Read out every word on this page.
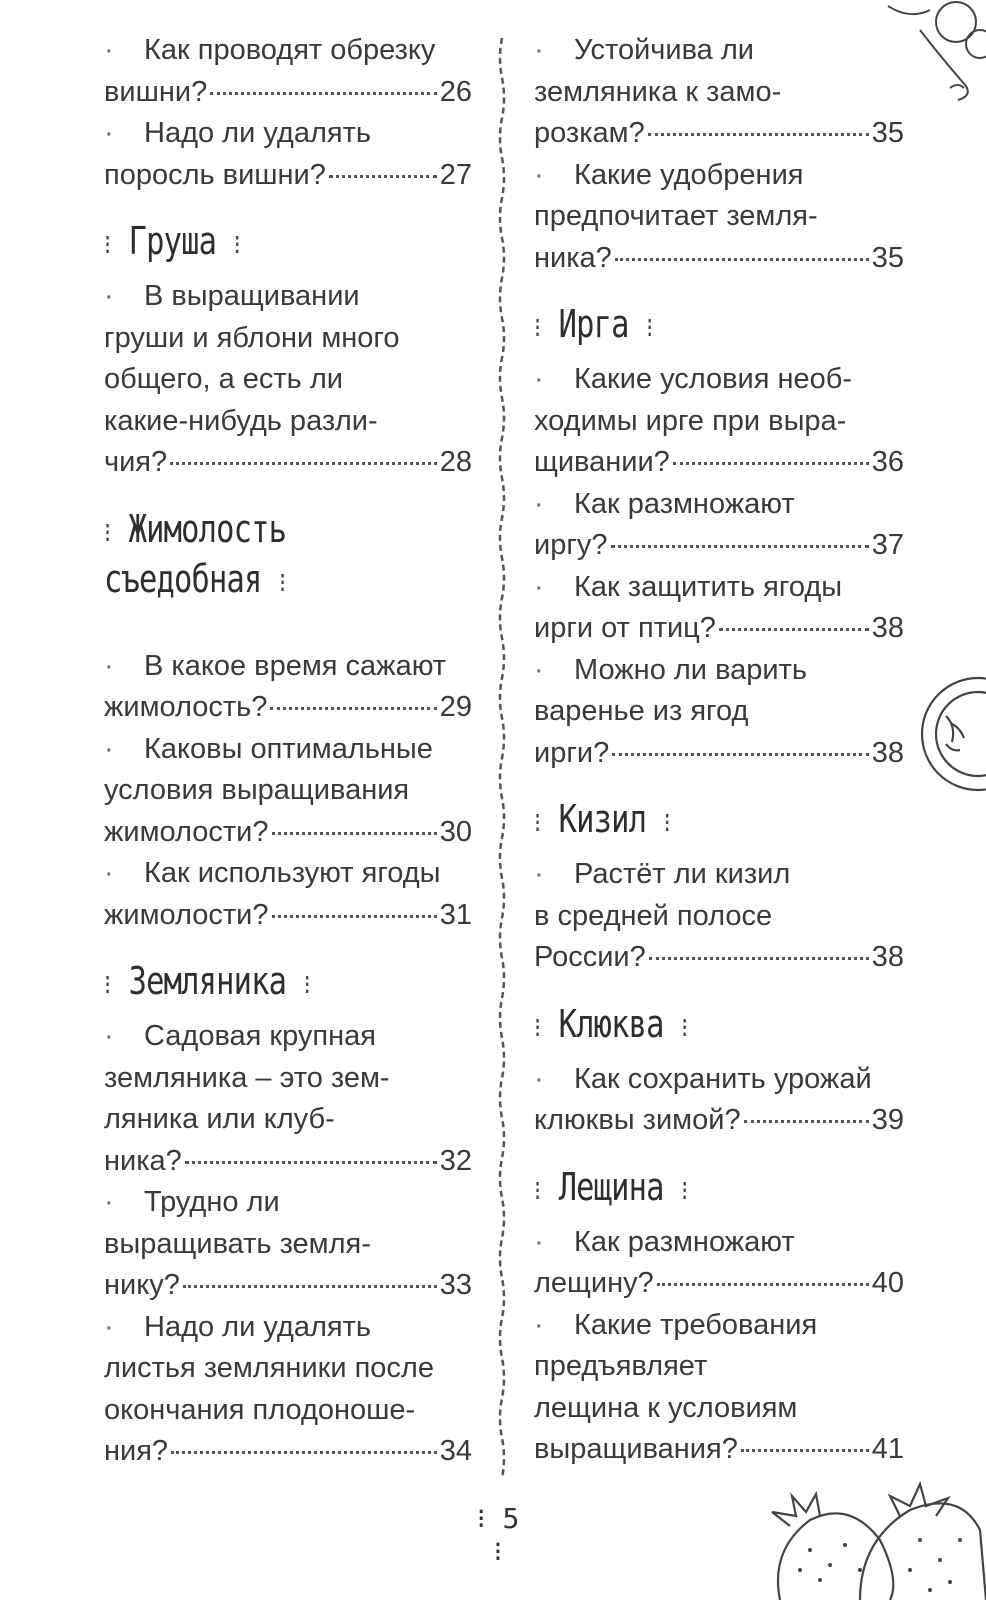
· Как проводят обрезку
вишни?	26
· Надо ли удалять
поросль вишни?	27
⁝ Груша ⁝
· В выращивании
груши и яблони много
общего, а есть ли
какие-нибудь разли-
чия?	28
⁝ Жимолость
съедобная ⁝
· В какое время сажают
жимолость?	29
· Каковы оптимальные
условия выращивания
жимолости?	30
· Как используют ягоды
жимолости?	31
⁝ Земляника ⁝
· Садовая крупная
земляника – это зем-
ляника или клуб-
ника?	32
· Трудно ли
выращивать земля-
нику?	33
· Надо ли удалять
листья земляники после
окончания плодоноше-
ния?	34
· Устойчива ли
земляника к замо-
розкам?	35
· Какие удобрения
предпочитает земля-
ника?	35
⁝ Ирга ⁝
· Какие условия необ-
ходимы ирге при выра-
щивании?	36
· Как размножают
иргу?	37
· Как защитить ягоды
ирги от птиц?	38
· Можно ли варить
варенье из ягод
ирги?	38
⁝ Кизил ⁝
· Растёт ли кизил
в средней полосе
России?	38
⁝ Клюква ⁝
· Как сохранить урожай
клюквы зимой?	39
⁝ Лещина ⁝
· Как размножают
лещину?	40
· Какие требования
предъявляет
лещина к условиям
выращивания?	41
⁝ 5 ⁝
